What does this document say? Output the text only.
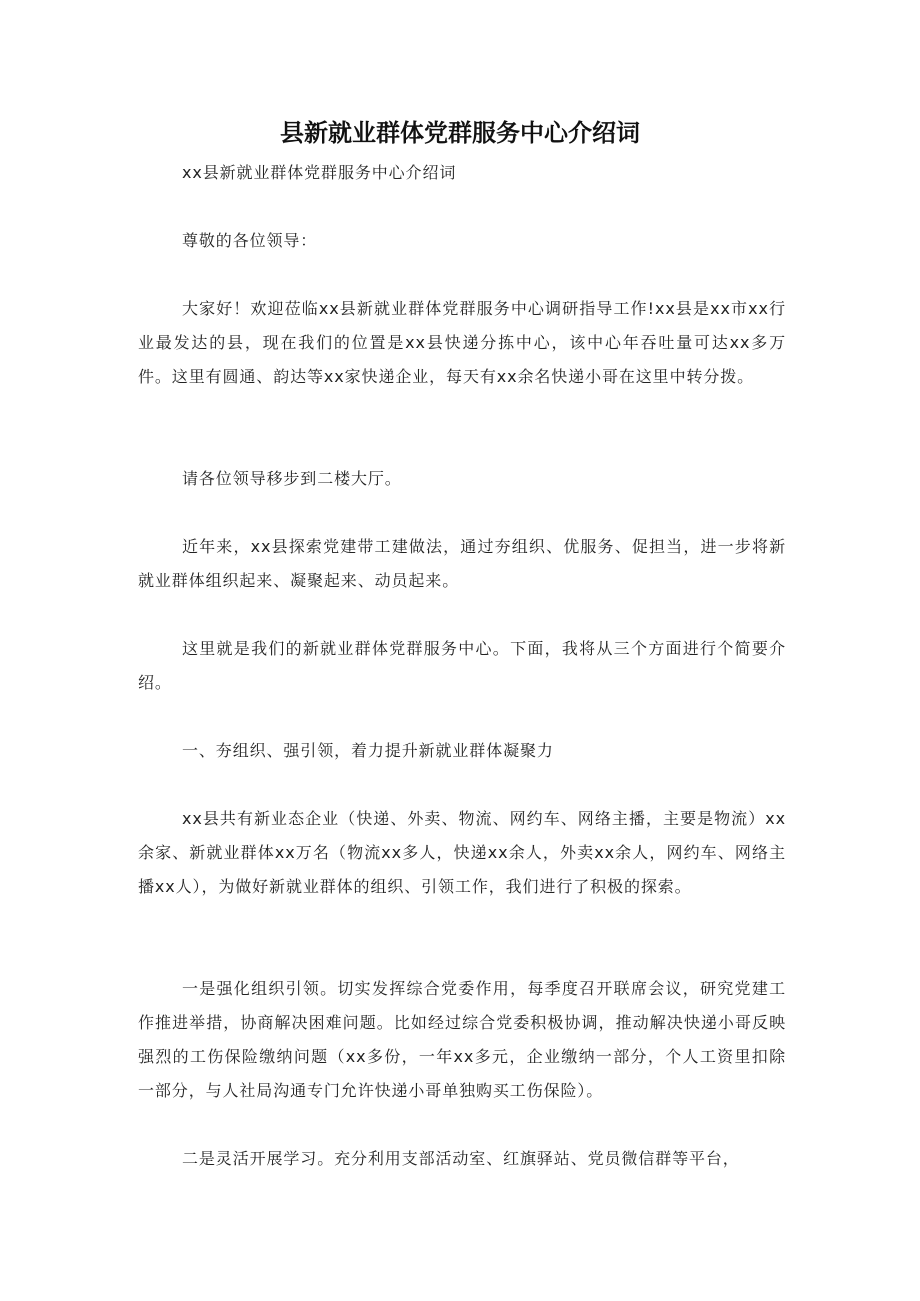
县新就业群体党群服务中心介绍词

xx县新就业群体党群服务中心介绍词

尊敬的各位领导：

大家好！欢迎莅临xx县新就业群体党群服务中心调研指导工作!xx县是xx市xx行业最发达的县，现在我们的位置是xx县快递分拣中心，该中心年吞吐量可达xx多万件。这里有圆通、韵达等xx家快递企业，每天有xx余名快递小哥在这里中转分拨。

请各位领导移步到二楼大厅。

近年来，xx县探索党建带工建做法，通过夯组织、优服务、促担当，进一步将新就业群体组织起来、凝聚起来、动员起来。

这里就是我们的新就业群体党群服务中心。下面，我将从三个方面进行个简要介绍。

一、夯组织、强引领，着力提升新就业群体凝聚力

xx县共有新业态企业（快递、外卖、物流、网约车、网络主播，主要是物流）xx余家、新就业群体xx万名（物流xx多人，快递xx余人，外卖xx余人，网约车、网络主播xx人），为做好新就业群体的组织、引领工作，我们进行了积极的探索。

一是强化组织引领。切实发挥综合党委作用，每季度召开联席会议，研究党建工作推进举措，协商解决困难问题。比如经过综合党委积极协调，推动解决快递小哥反映强烈的工伤保险缴纳问题（xx多份，一年xx多元，企业缴纳一部分，个人工资里扣除一部分，与人社局沟通专门允许快递小哥单独购买工伤保险）。

二是灵活开展学习。充分利用支部活动室、红旗驿站、党员微信群等平台，
